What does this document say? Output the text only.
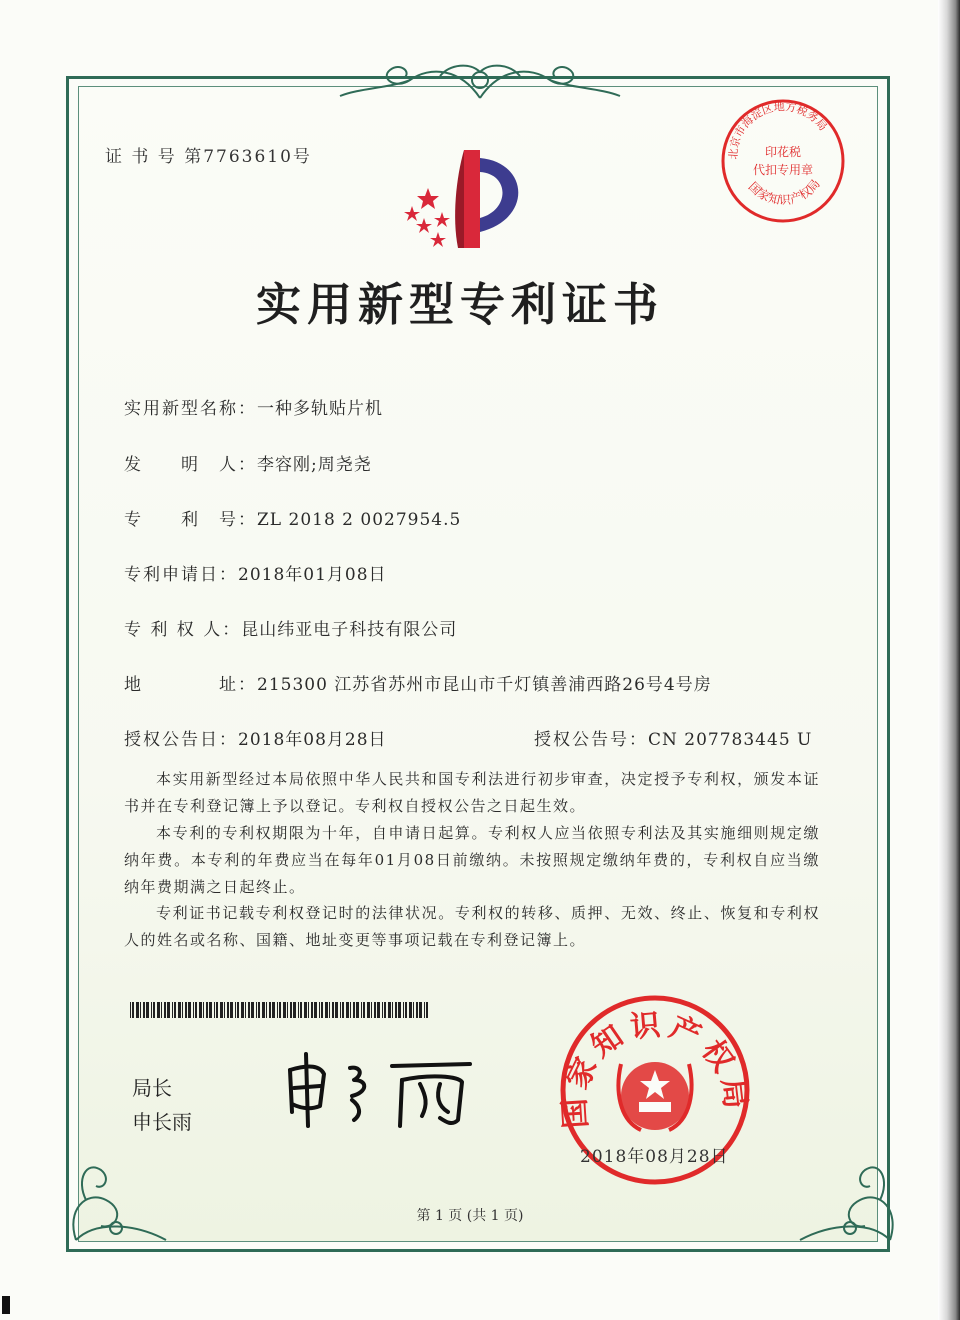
证 书 号 第7763610号
实用新型专利证书
实用新型名称：一种多轨贴片机
发　　明　人：李容刚;周尧尧
专　　利　号：ZL 2018 2 0027954.5
专利申请日：2018年01月08日
专 利 权 人：昆山纬亚电子科技有限公司
地　　　　址：215300 江苏省苏州市昆山市千灯镇善浦西路26号4号房
授权公告日：2018年08月28日	授权公告号：CN 207783445 U
本实用新型经过本局依照中华人民共和国专利法进行初步审查，决定授予专利权，颁发本证书并在专利登记簿上予以登记。专利权自授权公告之日起生效。
本专利的专利权期限为十年，自申请日起算。专利权人应当依照专利法及其实施细则规定缴纳年费。本专利的年费应当在每年01月08日前缴纳。未按照规定缴纳年费的，专利权自应当缴纳年费期满之日起终止。
专利证书记载专利权登记时的法律状况。专利权的转移、质押、无效、终止、恢复和专利权人的姓名或名称、国籍、地址变更等事项记载在专利登记簿上。
局长
申长雨	国家知识产权局
2018年08月28日
北京市海淀区地方税务局
印花税
代扣专用章
国家知识产权局
第 1 页 (共 1 页)
